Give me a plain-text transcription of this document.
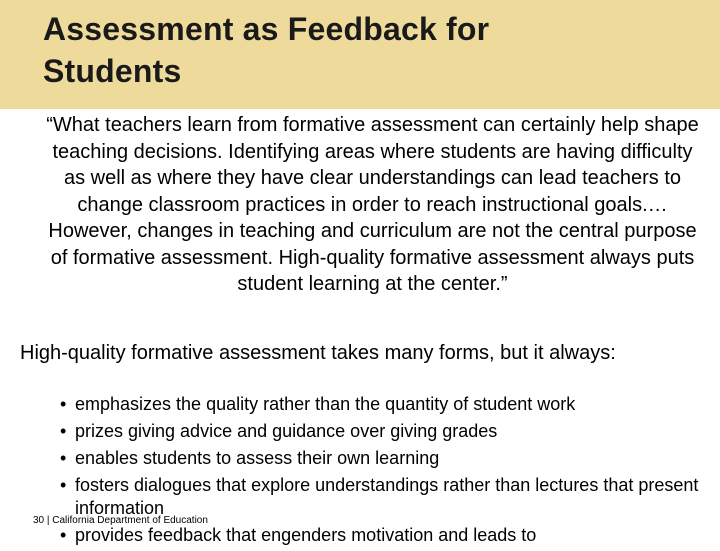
Assessment as Feedback for
Students

“What teachers learn from formative assessment can certainly help shape teaching decisions. Identifying areas where students are having difficulty as well as where they have clear understandings can lead teachers to change classroom practices in order to reach instructional goals.… However, changes in teaching and curriculum are not the central purpose of formative assessment. High-quality formative assessment always puts student learning at the center.”

High-quality formative assessment takes many forms, but it always:

• emphasizes the quality rather than the quantity of student work
• prizes giving advice and guidance over giving grades
• enables students to assess their own learning
• fosters dialogues that explore understandings rather than lectures that present information
• provides feedback that engenders motivation and leads to
30 | California Department of Education
